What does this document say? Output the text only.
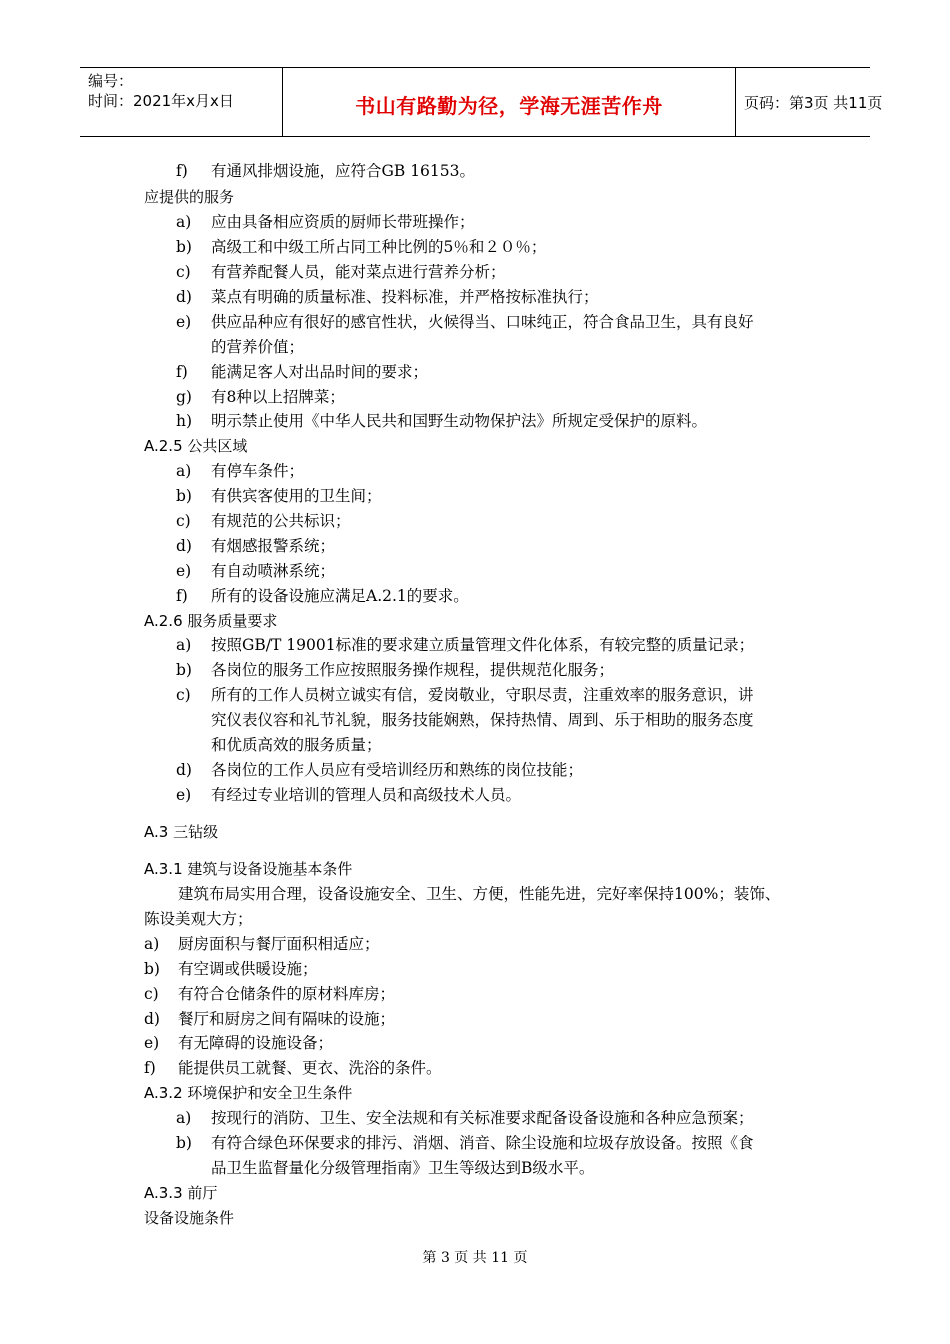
编号：
时间：2021年x月x日	书山有路勤为径，学海无涯苦作舟	页码：第3页 共11页
f) 有通风排烟设施，应符合GB 16153。
应提供的服务
a) 应由具备相应资质的厨师长带班操作；
b) 高级工和中级工所占同工种比例的5％和２０％；
c) 有营养配餐人员，能对菜点进行营养分析；
d) 菜点有明确的质量标准、投料标准，并严格按标准执行；
e) 供应品种应有很好的感官性状，火候得当、口味纯正，符合食品卫生，具有良好
的营养价值；
f) 能满足客人对出品时间的要求；
g) 有8种以上招牌菜；
h) 明示禁止使用《中华人民共和国野生动物保护法》所规定受保护的原料。
A.2.5 公共区域
a) 有停车条件；
b) 有供宾客使用的卫生间；
c) 有规范的公共标识；
d) 有烟感报警系统；
e) 有自动喷淋系统；
f) 所有的设备设施应满足A.2.1的要求。
A.2.6 服务质量要求
a) 按照GB/T 19001标准的要求建立质量管理文件化体系，有较完整的质量记录；
b) 各岗位的服务工作应按照服务操作规程，提供规范化服务；
c) 所有的工作人员树立诚实有信，爱岗敬业，守职尽责，注重效率的服务意识，讲
究仪表仪容和礼节礼貌，服务技能娴熟，保持热情、周到、乐于相助的服务态度
和优质高效的服务质量；
d) 各岗位的工作人员应有受培训经历和熟练的岗位技能；
e) 有经过专业培训的管理人员和高级技术人员。
A.3 三钻级
A.3.1 建筑与设备设施基本条件
建筑布局实用合理，设备设施安全、卫生、方便，性能先进，完好率保持100%；装饰、
陈设美观大方；
a) 厨房面积与餐厅面积相适应；
b) 有空调或供暖设施；
c) 有符合仓储条件的原材料库房；
d) 餐厅和厨房之间有隔味的设施；
e) 有无障碍的设施设备；
f) 能提供员工就餐、更衣、洗浴的条件。
A.3.2 环境保护和安全卫生条件
a) 按现行的消防、卫生、安全法规和有关标准要求配备设备设施和各种应急预案；
b) 有符合绿色环保要求的排污、消烟、消音、除尘设施和垃圾存放设备。按照《食
品卫生监督量化分级管理指南》卫生等级达到B级水平。
A.3.3 前厅
设备设施条件
第 3 页 共 11 页
